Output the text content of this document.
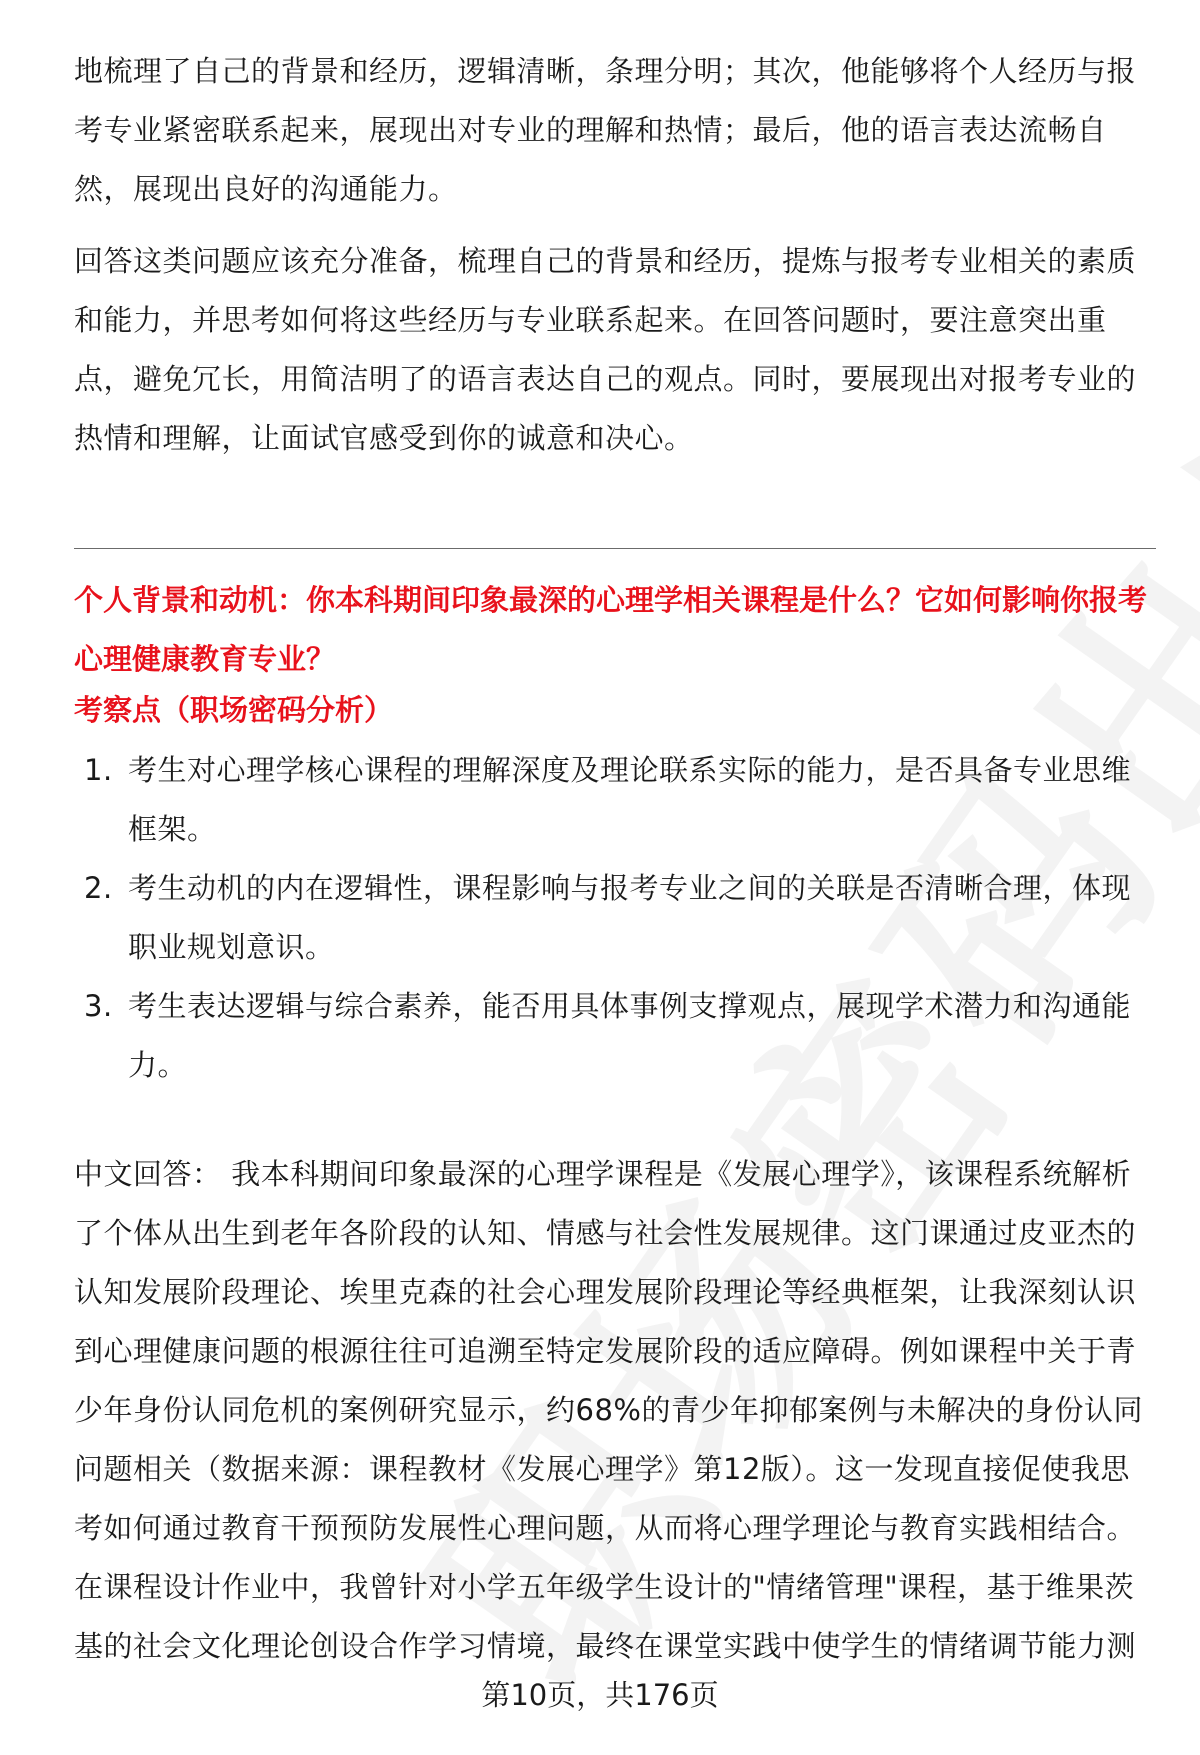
地梳理了自己的背景和经历，逻辑清晰，条理分明；其次，他能够将个人经历与报考专业紧密联系起来，展现出对专业的理解和热情；最后，他的语言表达流畅自然，展现出良好的沟通能力。

回答这类问题应该充分准备，梳理自己的背景和经历，提炼与报考专业相关的素质和能力，并思考如何将这些经历与专业联系起来。在回答问题时，要注意突出重点，避免冗长，用简洁明了的语言表达自己的观点。同时，要展现出对报考专业的热情和理解，让面试官感受到你的诚意和决心。

个人背景和动机：你本科期间印象最深的心理学相关课程是什么？它如何影响你报考心理健康教育专业？

考察点（职场密码分析）

1. 考生对心理学核心课程的理解深度及理论联系实际的能力，是否具备专业思维框架。
2. 考生动机的内在逻辑性，课程影响与报考专业之间的关联是否清晰合理，体现职业规划意识。
3. 考生表达逻辑与综合素养，能否用具体事例支撑观点，展现学术潜力和沟通能力。

中文回答： 我本科期间印象最深的心理学课程是《发展心理学》，该课程系统解析了个体从出生到老年各阶段的认知、情感与社会性发展规律。这门课通过皮亚杰的认知发展阶段理论、埃里克森的社会心理发展阶段理论等经典框架，让我深刻认识到心理健康问题的根源往往可追溯至特定发展阶段的适应障碍。例如课程中关于青少年身份认同危机的案例研究显示，约68%的青少年抑郁案例与未解决的身份认同问题相关（数据来源：课程教材《发展心理学》第12版）。这一发现直接促使我思考如何通过教育干预预防发展性心理问题，从而将心理学理论与教育实践相结合。在课程设计作业中，我曾针对小学五年级学生设计的"情绪管理"课程，基于维果茨基的社会文化理论创设合作学习情境，最终在课堂实践中使学生的情绪调节能力测

第10页，共176页
